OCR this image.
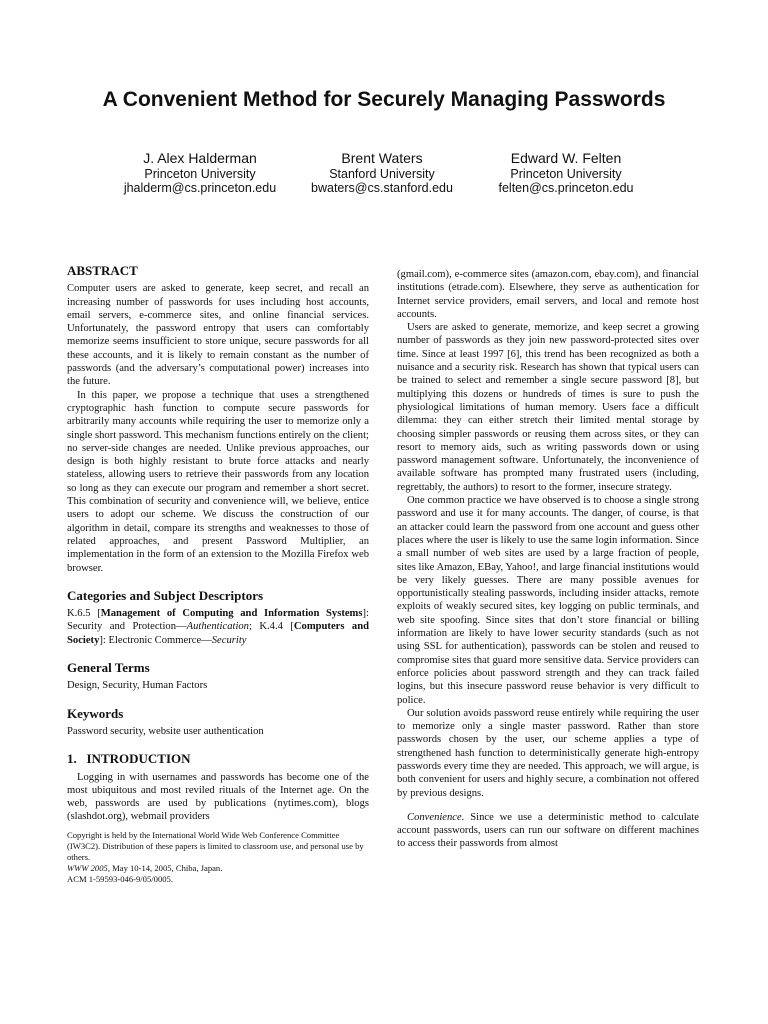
A Convenient Method for Securely Managing Passwords
J. Alex Halderman
Princeton University
jhalderm@cs.princeton.edu
Brent Waters
Stanford University
bwaters@cs.stanford.edu
Edward W. Felten
Princeton University
felten@cs.princeton.edu
ABSTRACT

Computer users are asked to generate, keep secret, and recall an increasing number of passwords for uses including host accounts, email servers, e-commerce sites, and online financial services. Unfortunately, the password entropy that users can comfortably memorize seems insufficient to store unique, secure passwords for all these accounts, and it is likely to remain constant as the number of passwords (and the adversary’s computational power) increases into the future.

In this paper, we propose a technique that uses a strengthened cryptographic hash function to compute secure passwords for arbitrarily many accounts while requiring the user to memorize only a single short password. This mechanism functions entirely on the client; no server-side changes are needed. Unlike previous approaches, our design is both highly resistant to brute force attacks and nearly stateless, allowing users to retrieve their passwords from any location so long as they can execute our program and remember a short secret. This combination of security and convenience will, we believe, entice users to adopt our scheme. We discuss the construction of our algorithm in detail, compare its strengths and weaknesses to those of related approaches, and present Password Multiplier, an implementation in the form of an extension to the Mozilla Firefox web browser.

Categories and Subject Descriptors

K.6.5 [Management of Computing and Information Systems]: Security and Protection—Authentication; K.4.4 [Computers and Society]: Electronic Commerce—Security

General Terms

Design, Security, Human Factors

Keywords

Password security, website user authentication

1.   INTRODUCTION

Logging in with usernames and passwords has become one of the most ubiquitous and most reviled rituals of the Internet age. On the web, passwords are used by publications (nytimes.com), blogs (slashdot.org), webmail providers

Copyright is held by the International World Wide Web Conference Committee (IW3C2). Distribution of these papers is limited to classroom use, and personal use by others.
WWW 2005, May 10-14, 2005, Chiba, Japan.
ACM 1-59593-046-9/05/0005.

(gmail.com), e-commerce sites (amazon.com, ebay.com), and financial institutions (etrade.com). Elsewhere, they serve as authentication for Internet service providers, email servers, and local and remote host accounts.

Users are asked to generate, memorize, and keep secret a growing number of passwords as they join new password-protected sites over time. Since at least 1997 [6], this trend has been recognized as both a nuisance and a security risk. Research has shown that typical users can be trained to select and remember a single secure password [8], but multiplying this dozens or hundreds of times is sure to push the physiological limitations of human memory. Users face a difficult dilemma: they can either stretch their limited mental storage by choosing simpler passwords or reusing them across sites, or they can resort to memory aids, such as writing passwords down or using password management software. Unfortunately, the inconvenience of available software has prompted many frustrated users (including, regrettably, the authors) to resort to the former, insecure strategy.

One common practice we have observed is to choose a single strong password and use it for many accounts. The danger, of course, is that an attacker could learn the password from one account and guess other places where the user is likely to use the same login information. Since a small number of web sites are used by a large fraction of people, sites like Amazon, EBay, Yahoo!, and large financial institutions would be very likely guesses. There are many possible avenues for opportunistically stealing passwords, including insider attacks, remote exploits of weakly secured sites, key logging on public terminals, and web site spoofing. Since sites that don’t store financial or billing information are likely to have lower security standards (such as not using SSL for authentication), passwords can be stolen and reused to compromise sites that guard more sensitive data. Service providers can enforce policies about password strength and they can track failed logins, but this insecure password reuse behavior is very difficult to police.

Our solution avoids password reuse entirely while requiring the user to memorize only a single master password. Rather than store passwords chosen by the user, our scheme applies a type of strengthened hash function to deterministically generate high-entropy passwords every time they are needed. This approach, we will argue, is both convenient for users and highly secure, a combination not offered by previous designs.

Convenience. Since we use a deterministic method to calculate account passwords, users can run our software on different machines to access their passwords from almost
